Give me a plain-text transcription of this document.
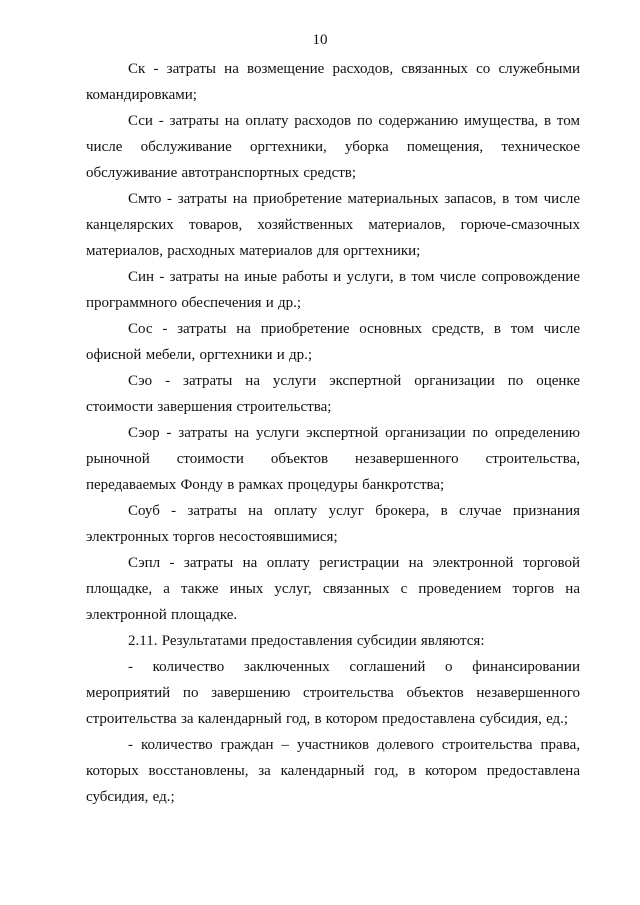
10

Ск - затраты на возмещение расходов, связанных со служебными командировками;

Сси - затраты на оплату расходов по содержанию имущества, в том числе обслуживание оргтехники, уборка помещения, техническое обслуживание автотранспортных средств;

Смто - затраты на приобретение материальных запасов, в том числе канцелярских товаров, хозяйственных материалов, горюче-смазочных материалов, расходных материалов для оргтехники;

Син - затраты на иные работы и услуги, в том числе сопровождение программного обеспечения и др.;

Сос - затраты на приобретение основных средств, в том числе офисной мебели, оргтехники и др.;

Сэо - затраты на услуги экспертной организации по оценке стоимости завершения строительства;

Сэор - затраты на услуги экспертной организации по определению рыночной стоимости объектов незавершенного строительства, передаваемых Фонду в рамках процедуры банкротства;

Соуб - затраты на оплату услуг брокера, в случае признания электронных торгов несостоявшимися;

Сэпл - затраты на оплату регистрации на электронной торговой площадке, а также иных услуг, связанных с проведением торгов на электронной площадке.

2.11. Результатами предоставления субсидии являются:

- количество заключенных соглашений о финансировании мероприятий по завершению строительства объектов незавершенного строительства за календарный год, в котором предоставлена субсидия, ед.;

- количество граждан – участников долевого строительства права, которых восстановлены, за календарный год, в котором предоставлена субсидия, ед.;
